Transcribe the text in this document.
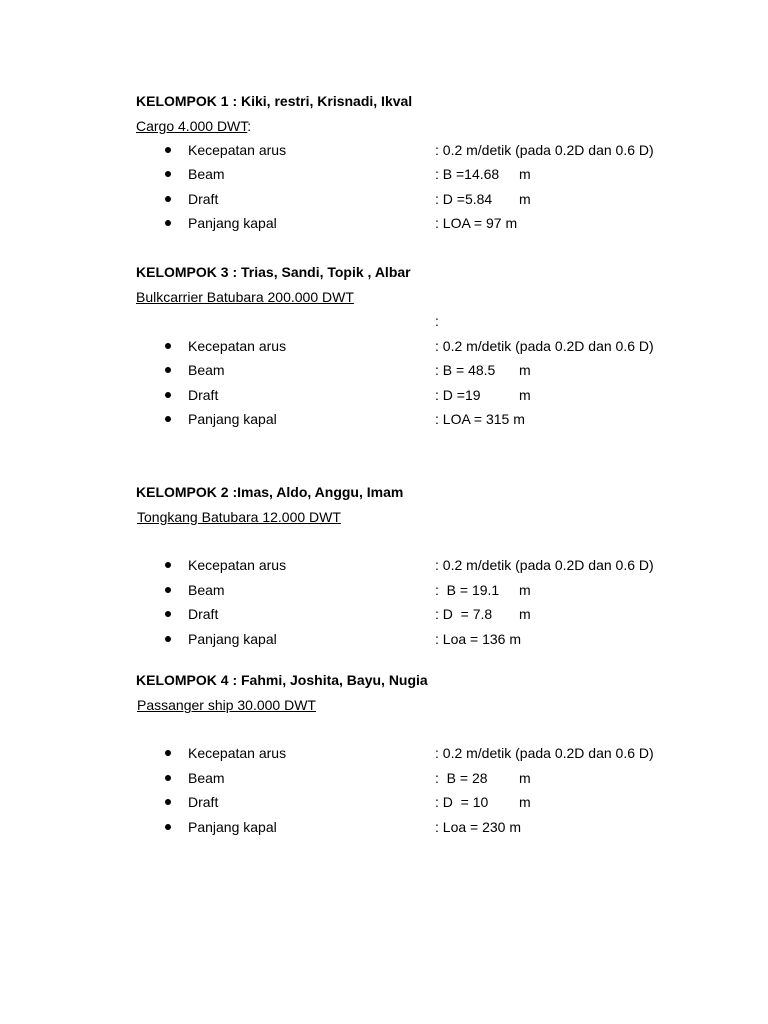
KELOMPOK 1 : Kiki, restri, Krisnadi, Ikval
Cargo 4.000 DWT:
Kecepatan arus	: 0.2 m/detik (pada 0.2D dan 0.6 D)
Beam	: B =14.68 m
Draft	: D =5.84 m
Panjang kapal	: LOA = 97 m
KELOMPOK 3 : Trias, Sandi, Topik , Albar
Bulkcarrier Batubara 200.000 DWT
:
Kecepatan arus	: 0.2 m/detik (pada 0.2D dan 0.6 D)
Beam	: B = 48.5 m
Draft	: D =19	m
Panjang kapal	: LOA = 315 m
KELOMPOK 2 :Imas, Aldo, Anggu, Imam
Tongkang Batubara 12.000 DWT
Kecepatan arus	: 0.2 m/detik (pada 0.2D dan 0.6 D)
Beam	:  B = 19.1 m
Draft	: D  = 7.8 m
Panjang kapal	: Loa = 136 m
KELOMPOK 4 : Fahmi, Joshita, Bayu, Nugia
Passanger ship 30.000 DWT
Kecepatan arus	: 0.2 m/detik (pada 0.2D dan 0.6 D)
Beam	:  B = 28 m
Draft	: D  = 10 m
Panjang kapal	: Loa = 230 m
